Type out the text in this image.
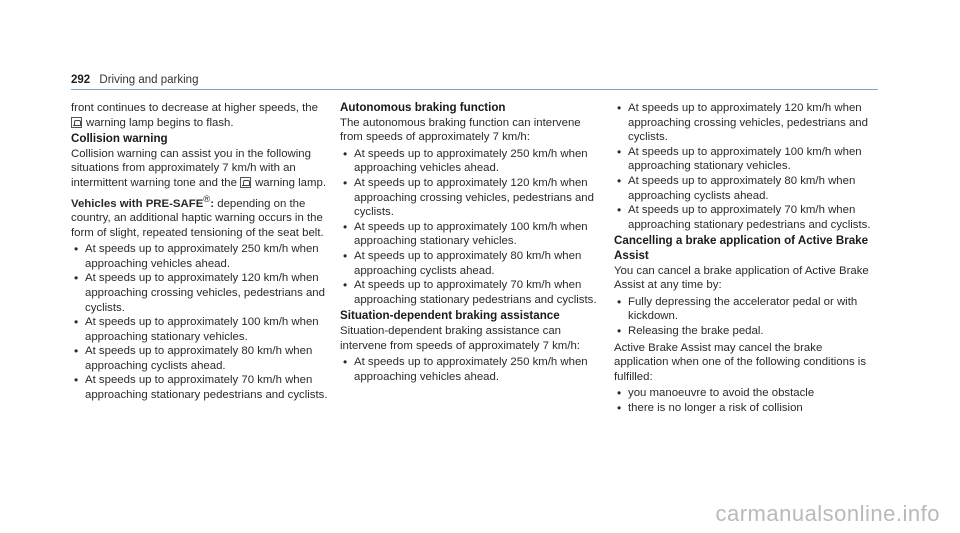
292 Driving and parking

front continues to decrease at higher speeds, the
warning lamp begins to flash.

Collision warning

Collision warning can assist you in the following situations from approximately 7 km/h with an intermittent warning tone and the warning lamp.

Vehicles with PRE-SAFE®: depending on the country, an additional haptic warning occurs in the form of slight, repeated tensioning of the seat belt.

• At speeds up to approximately 250 km/h when approaching vehicles ahead.
• At speeds up to approximately 120 km/h when approaching crossing vehicles, pedestrians and cyclists.
• At speeds up to approximately 100 km/h when approaching stationary vehicles.
• At speeds up to approximately 80 km/h when approaching cyclists ahead.
• At speeds up to approximately 70 km/h when approaching stationary pedestrians and cyclists.
Autonomous braking function

The autonomous braking function can intervene from speeds of approximately 7 km/h:

• At speeds up to approximately 250 km/h when approaching vehicles ahead.
• At speeds up to approximately 120 km/h when approaching crossing vehicles, pedestrians and cyclists.
• At speeds up to approximately 100 km/h when approaching stationary vehicles.
• At speeds up to approximately 80 km/h when approaching cyclists ahead.
• At speeds up to approximately 70 km/h when approaching stationary pedestrians and cyclists.
Situation-dependent braking assistance

Situation-dependent braking assistance can intervene from speeds of approximately 7 km/h:

• At speeds up to approximately 250 km/h when approaching vehicles ahead.
• At speeds up to approximately 120 km/h when approaching crossing vehicles, pedestrians and cyclists.
• At speeds up to approximately 100 km/h when approaching stationary vehicles.
• At speeds up to approximately 80 km/h when approaching cyclists ahead.
• At speeds up to approximately 70 km/h when approaching stationary pedestrians and cyclists.
Cancelling a brake application of Active Brake Assist

You can cancel a brake application of Active Brake Assist at any time by:

• Fully depressing the accelerator pedal or with kickdown.
• Releasing the brake pedal.

Active Brake Assist may cancel the brake application when one of the following conditions is fulfilled:

• you manoeuvre to avoid the obstacle
• there is no longer a risk of collision
carmanualsonline.info
